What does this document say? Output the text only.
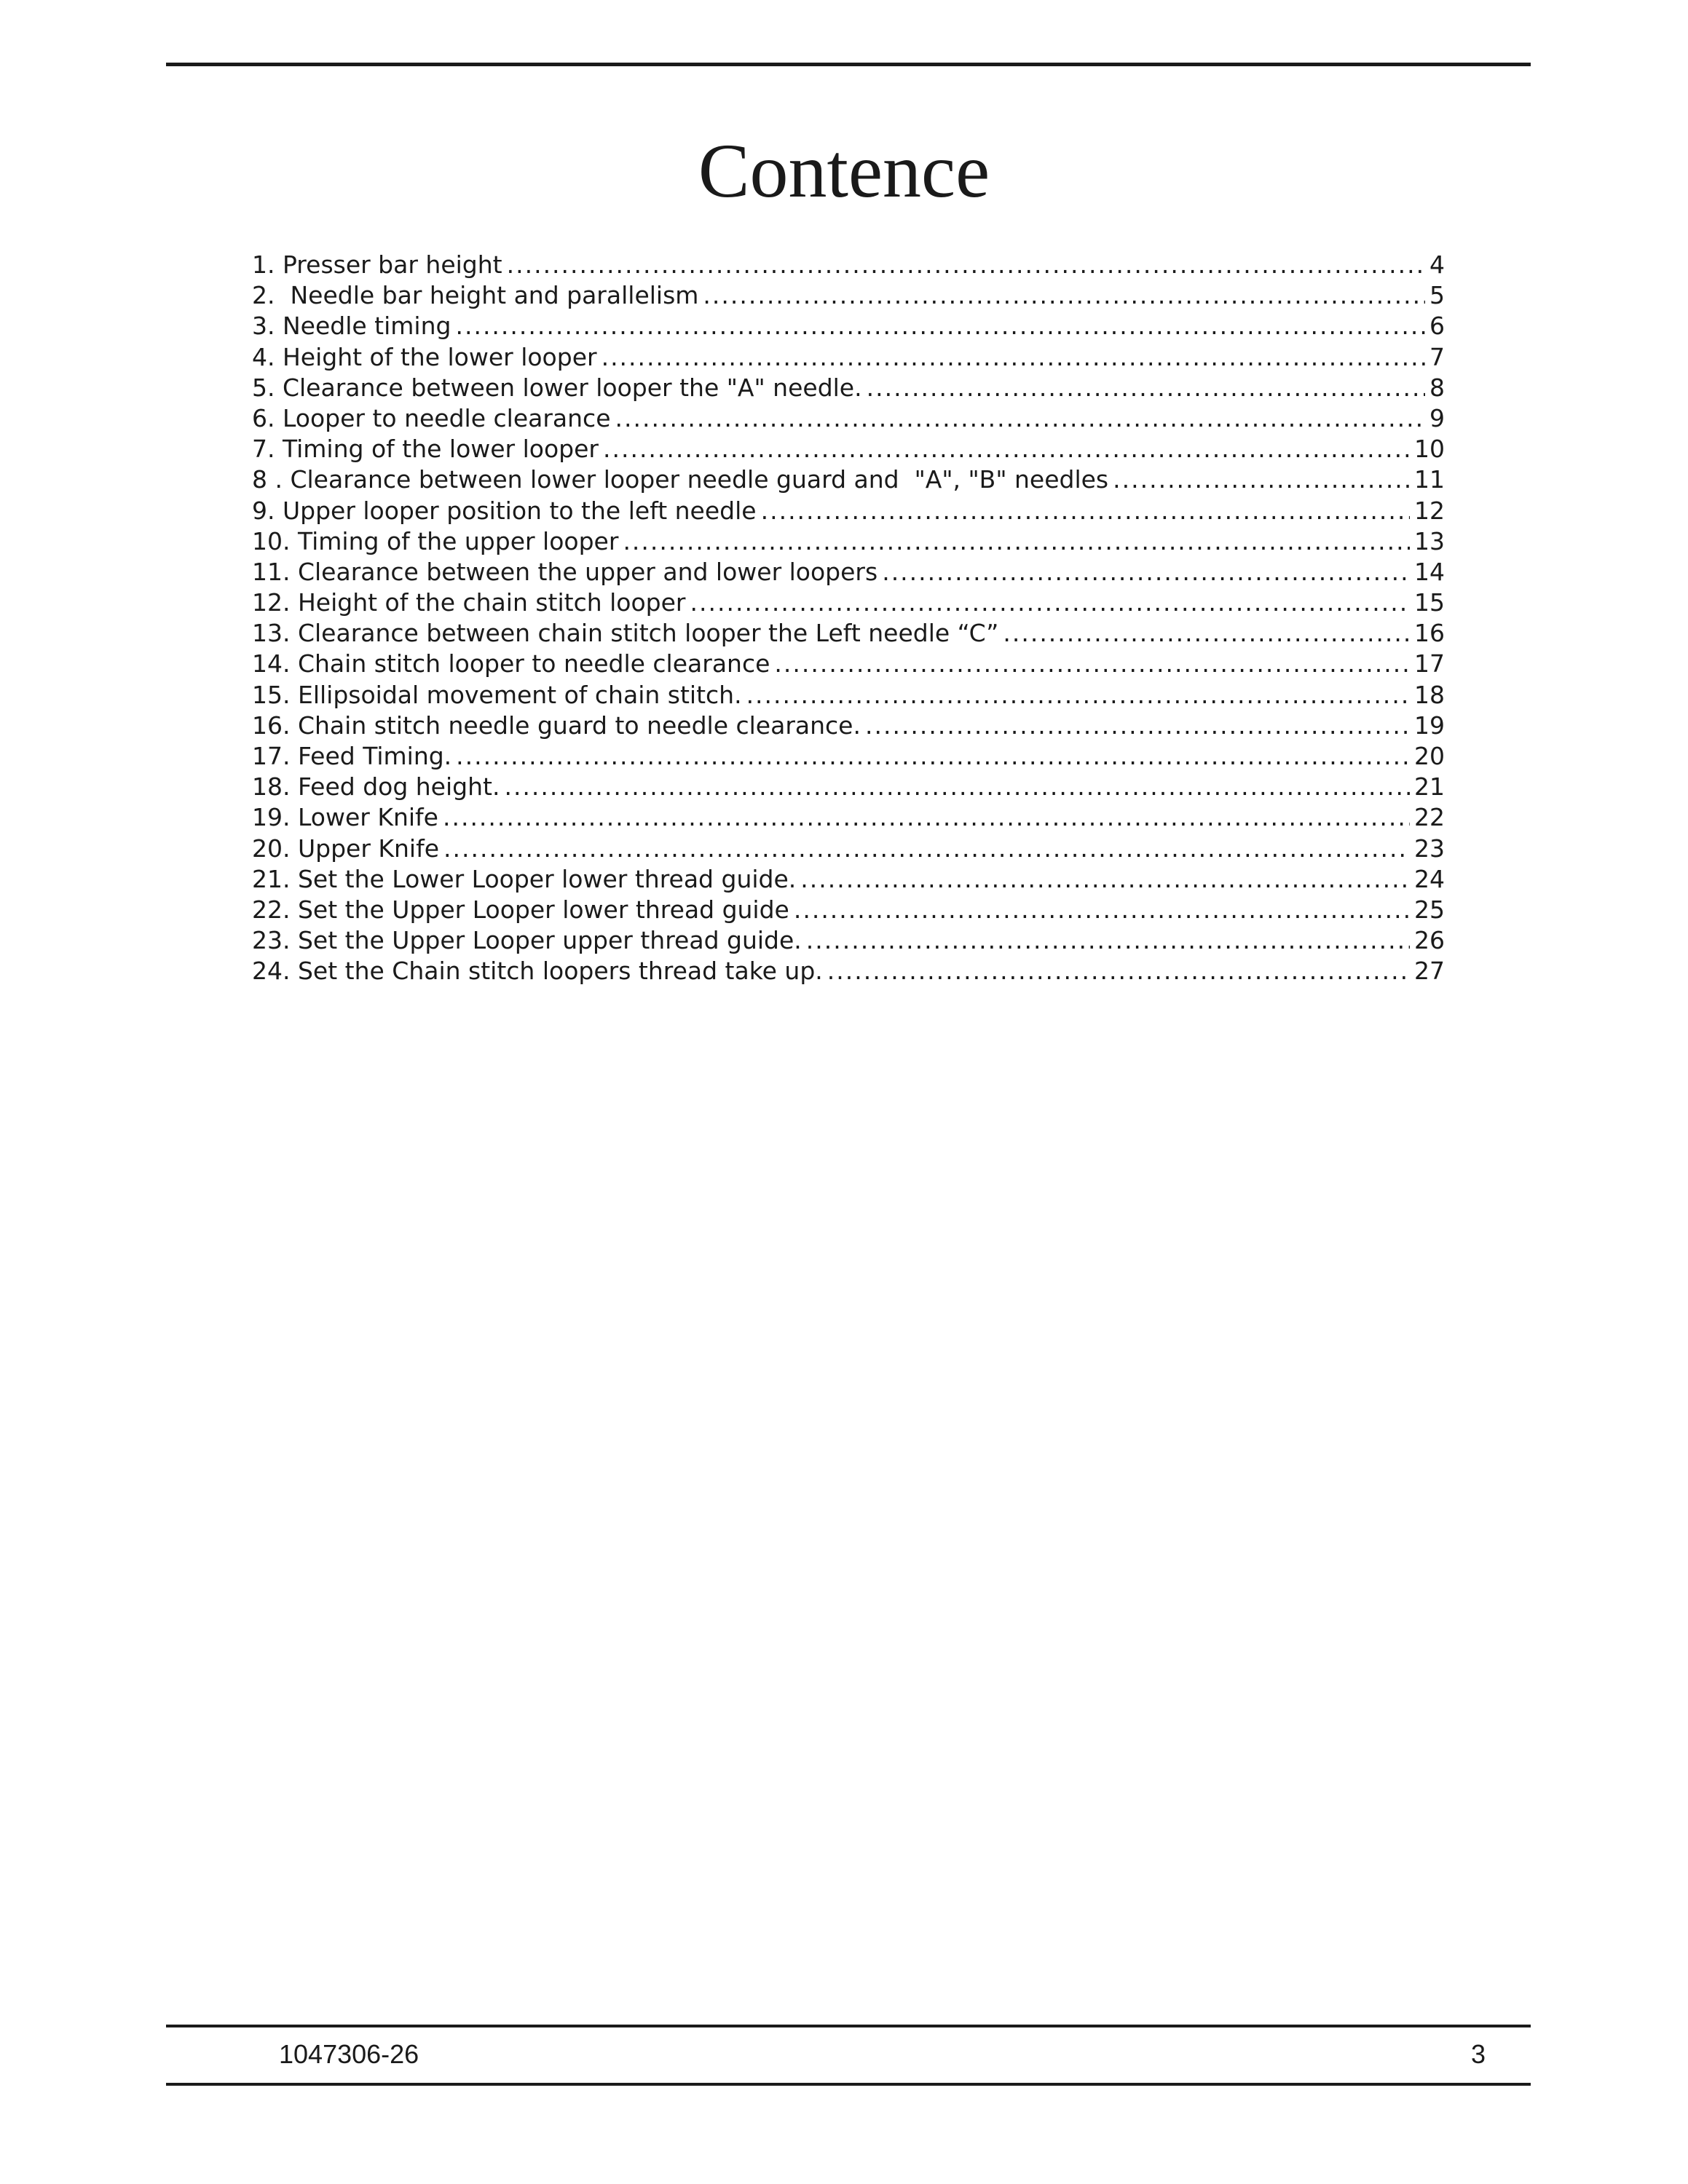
Contence
1. Presser bar height .....	4
2.  Needle bar height and parallelism .....	5
3. Needle timing .....	6
4. Height of the lower looper .....	7
5. Clearance between lower looper the "A" needle. .....	8
6. Looper to needle clearance .....	9
7. Timing of the lower looper .....	10
8 . Clearance between lower looper needle guard and  "A", "B" needles .....	11
9. Upper looper position to the left needle .....	12
10. Timing of the upper looper .....	13
11. Clearance between the upper and lower loopers .....	14
12. Height of the chain stitch looper .....	15
13. Clearance between chain stitch looper the Left needle “C” .....	16
14. Chain stitch looper to needle clearance .....	17
15. Ellipsoidal movement of chain stitch. .....	18
16. Chain stitch needle guard to needle clearance. .....	19
17. Feed Timing. .....	20
18. Feed dog height. .....	21
19. Lower Knife .....	22
20. Upper Knife .....	23
21. Set the Lower Looper lower thread guide. .....	24
22. Set the Upper Looper lower thread guide .....	25
23. Set the Upper Looper upper thread guide. .....	26
24. Set the Chain stitch loopers thread take up. .....	27
1047306-26	3
